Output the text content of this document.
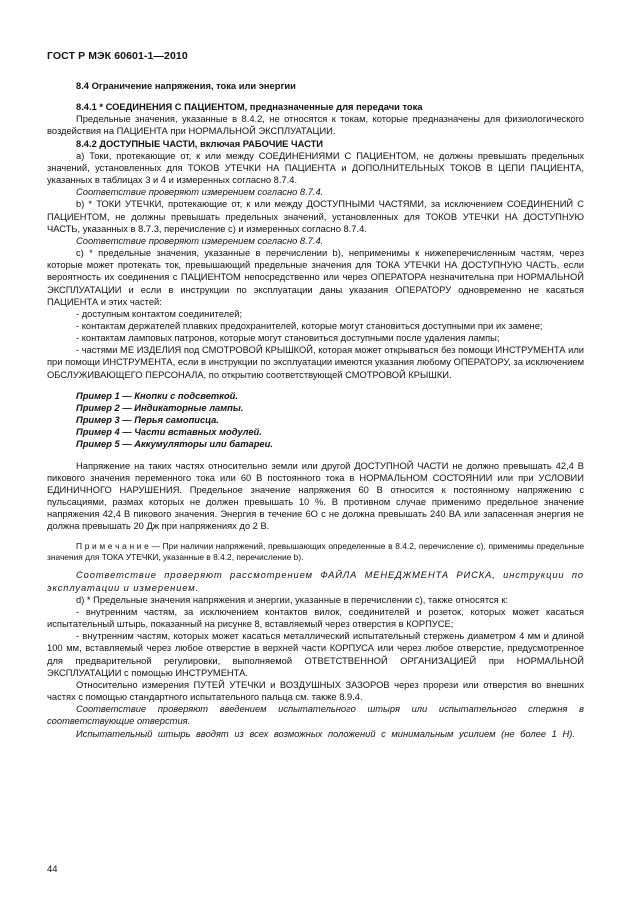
ГОСТ Р МЭК 60601-1—2010

8.4 Ограничение напряжения, тока или энергии

8.4.1 * СОЕДИНЕНИЯ С ПАЦИЕНТОМ, предназначенные для передачи тока

Предельные значения, указанные в 8.4.2, не относятся к токам, которые предназначены для физиологического воздействия на ПАЦИЕНТА при НОРМАЛЬНОЙ ЭКСПЛУАТАЦИИ.

8.4.2 ДОСТУПНЫЕ ЧАСТИ, включая РАБОЧИЕ ЧАСТИ

а) Токи, протекающие от, к или между СОЕДИНЕНИЯМИ С ПАЦИЕНТОМ, не должны превышать предельных значений, установленных для ТОКОВ УТЕЧКИ НА ПАЦИЕНТА и ДОПОЛНИТЕЛЬНЫХ ТОКОВ В ЦЕПИ ПАЦИЕНТА, указанных в таблицах 3 и 4 и измеренных согласно 8.7.4.

Соответствие проверяют измерением согласно 8.7.4.

b) * ТОКИ УТЕЧКИ, протекающие от, к или между ДОСТУПНЫМИ ЧАСТЯМИ, за исключением СОЕДИНЕНИЙ С ПАЦИЕНТОМ, не должны превышать предельных значений, установленных для ТОКОВ УТЕЧКИ НА ДОСТУПНУЮ ЧАСТЬ, указанных в 8.7.3, перечисление с) и измеренных согласно 8.7.4.

Соответствие проверяют измерением согласно 8.7.4.

с) * предельные значения, указанные в перечислении b), неприменимы к нижеперечисленным частям, через которые может протекать ток, превышающий предельные значения для ТОКА УТЕЧКИ НА ДОСТУПНУЮ ЧАСТЬ, если вероятность их соединения с ПАЦИЕНТОМ непосредственно или через ОПЕРАТОРА незначительна при НОРМАЛЬНОЙ ЭКСПЛУАТАЦИИ и если в инструкции по эксплуатации даны указания ОПЕРАТОРУ одновременно не касаться ПАЦИЕНТА и этих частей:

- доступным контактом соединителей;

- контактам держателей плавких предохранителей, которые могут становиться доступными при их замене;

- контактам ламповых патронов, которые могут становиться доступными после удаления лампы;

- частями МЕ ИЗДЕЛИЯ под СМОТРОВОЙ КРЫШКОЙ, которая может открываться без помощи ИНСТРУМЕНТА или при помощи ИНСТРУМЕНТА, если в инструкции по эксплуатации имеются указания любому ОПЕРАТОРУ, за исключением ОБСЛУЖИВАЮЩЕГО ПЕРСОНАЛА, по открытию соответствующей СМОТРОВОЙ КРЫШКИ.

Пример 1 — Кнопки с подсветкой.

Пример 2 — Индикаторные лампы.

Пример 3 — Перья самописца.

Пример 4 — Части вставных модулей.

Пример 5 — Аккумуляторы или батареи.

Напряжение на таких частях относительно земли или другой ДОСТУПНОЙ ЧАСТИ не должно превышать 42,4 В пикового значения переменного тока или 60 В постоянного тока в НОРМАЛЬНОМ СОСТОЯНИИ или при УСЛОВИИ ЕДИНИЧНОГО НАРУШЕНИЯ. Предельное значение напряжения 60 В относится к постоянному напряжению с пульсациями, размах которых не должен превышать 10 %. В противном случае применимо предельное значение напряжения 42,4 В пикового значения. Энергия в течение 6О с не должна превышать 240 ВА или запасенная энергия не должна превышать 20 Дж при напряжениях до 2 В.

П р и м е ч а н и е — При наличии напряжений, превышающих определенные в 8.4.2, перечисление с), применимы предельные значения для ТОКА УТЕЧКИ, указанные в 8.4.2, перечисление b).

Соответствие проверяют рассмотрением ФАЙЛА МЕНЕДЖМЕНТА РИСКА, инструкции по эксплуатации и измерением.

d) * Предельные значения напряжения и энергии, указанные в перечислении с), также относятся к:

- внутренним частям, за исключением контактов вилок, соединителей и розеток, которых может касаться испытательный штырь, показанный на рисунке 8, вставляемый через отверстия в КОРПУСЕ;

- внутренним частям, которых может касаться металлический испытательный стержень диаметром 4 мм и длиной 100 мм, вставляемый через любое отверстие в верхней части КОРПУСА или через любое отверстие, предусмотренное для предварительной регулировки, выполняемой ОТВЕТСТВЕННОЙ ОРГАНИЗАЦИЕЙ при НОРМАЛЬНОЙ ЭКСПЛУАТАЦИИ с помощью ИНСТРУМЕНТА.

Относительно измерения ПУТЕЙ УТЕЧКИ и ВОЗДУШНЫХ ЗАЗОРОВ через прорези или отверстия во внешних частях с помощью стандартного испытательного пальца см. также 8.9.4.

Соответствие проверяют введением испытательного штыря или испытательного стержня в соответствующие отверстия.

Испытательный штырь вводят из всех возможных положений с минимальным усилием (не более 1 Н).

44
